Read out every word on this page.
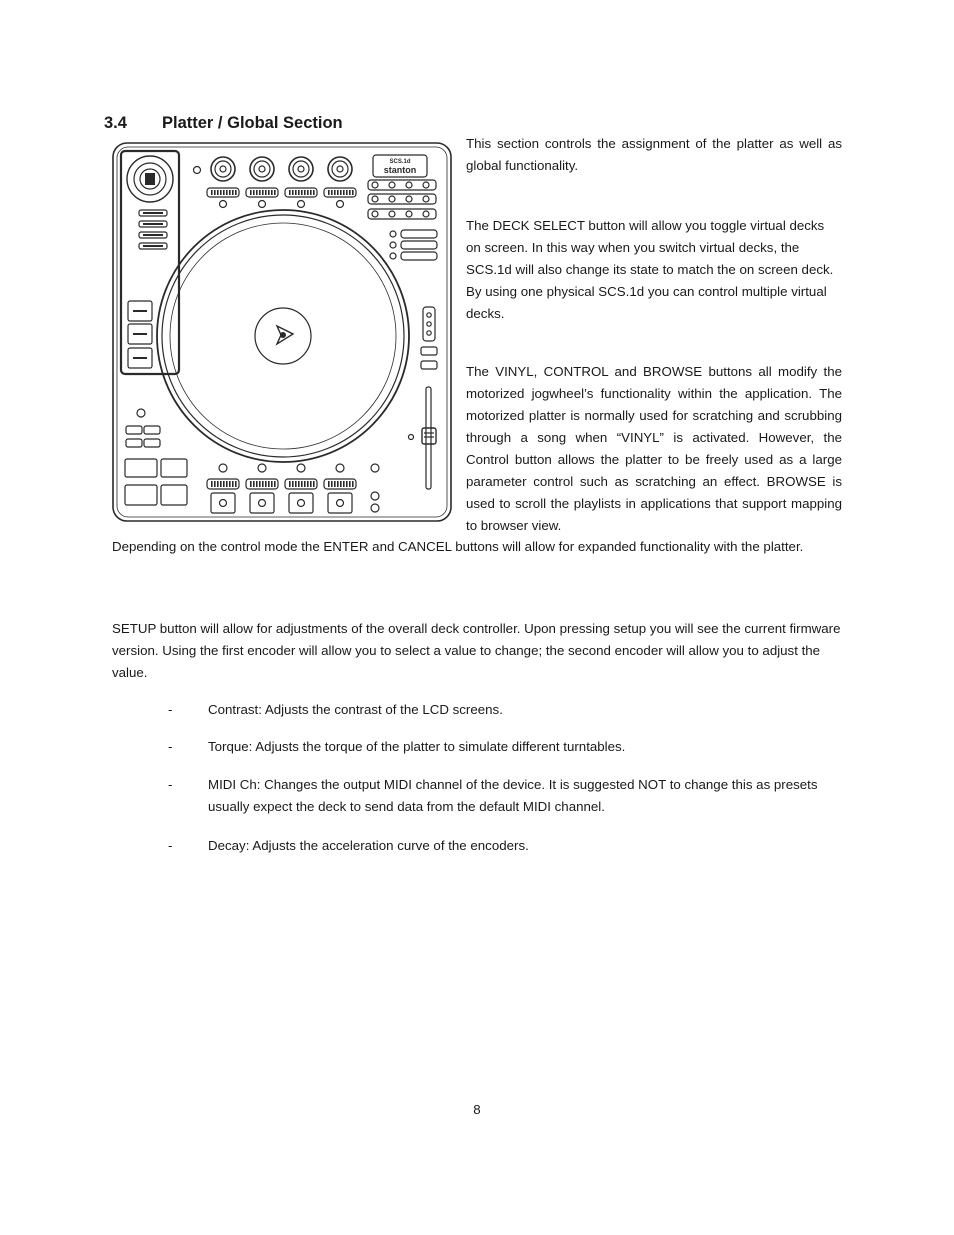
3.4 Platter / Global Section
SCS.1d
stanton

This section controls the assignment of the platter as well as global functionality.

The DECK SELECT button will allow you toggle virtual decks on screen. In this way when you switch virtual decks, the SCS.1d will also change its state to match the on screen deck. By using one physical SCS.1d you can control multiple virtual decks.

The VINYL, CONTROL and BROWSE buttons all modify the motorized jogwheel’s functionality within the application. The motorized platter is normally used for scratching and scrubbing through a song when “VINYL” is activated. However, the Control button allows the platter to be freely used as a large parameter control such as scratching an effect. BROWSE is used to scroll the playlists in applications that support mapping to browser view.

Depending on the control mode the ENTER and CANCEL buttons will allow for expanded functionality with the platter.

SETUP button will allow for adjustments of the overall deck controller. Upon pressing setup you will see the current firmware version. Using the first encoder will allow you to select a value to change; the second encoder will allow you to adjust the value.

-	Contrast: Adjusts the contrast of the LCD screens.
-	Torque: Adjusts the torque of the platter to simulate different turntables.
-	MIDI Ch: Changes the output MIDI channel of the device. It is suggested NOT to change this as presets usually expect the deck to send data from the default MIDI channel.
-	Decay: Adjusts the acceleration curve of the encoders.

8
